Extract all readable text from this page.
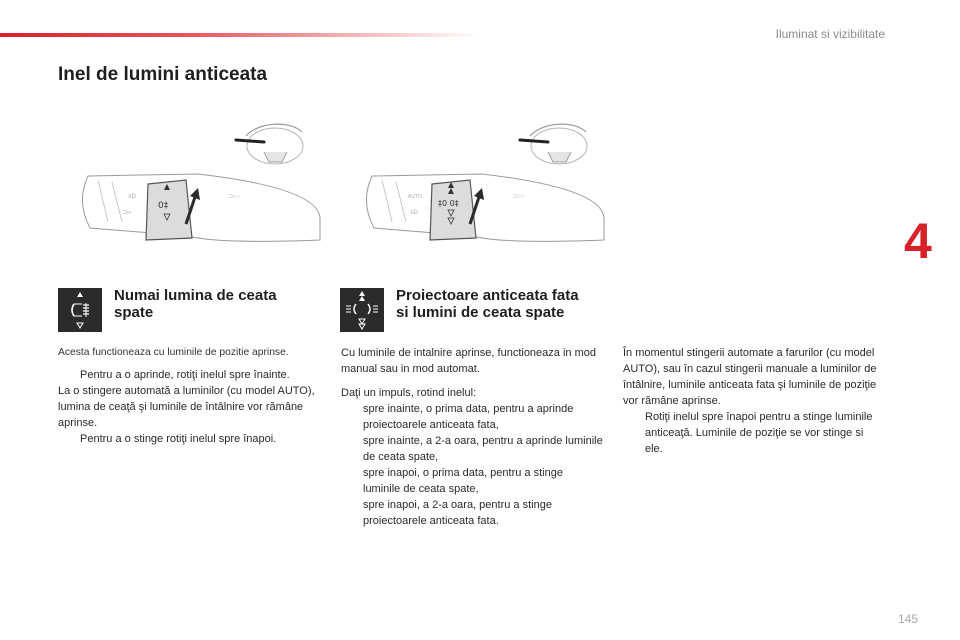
Iluminat si vizibilitate
Inel de lumini anticeata
4
⊐∞
≡D	⊐○○
0‡
AUTO
≡D
⊐○○
‡0 0‡
Numai lumina de ceata
spate
Acesta functioneaza cu luminile de pozitie aprinse.
Pentru a o aprinde, rotiţi inelul spre înainte.
La o stingere automată a luminilor (cu model AUTO), lumina de ceaţă şi luminile de întâlnire vor rămâne aprinse.
Pentru a o stinge rotiţi inelul spre înapoi.
Proiectoare anticeata fata
si lumini de ceata spate

Cu luminile de intalnire aprinse, functioneaza in mod manual sau in mod automat.

Daţi un impuls, rotind inelul:
spre inainte, o prima data, pentru a aprinde proiectoarele anticeata fata,
spre inainte, a 2-a oara, pentru a aprinde luminile de ceata spate,
spre inapoi, o prima data, pentru a stinge luminile de ceata spate,
spre inapoi, a 2-a oara, pentru a stinge proiectoarele anticeata fata.
În momentul stingerii automate a farurilor (cu model AUTO), sau în cazul stingerii manuale a luminilor de întâlnire, luminile anticeata fata şi luminile de poziţie vor rămâne aprinse.
Rotiţi inelul spre înapoi pentru a stinge luminile anticeaţă. Luminile de poziţie se vor stinge si ele.
145
